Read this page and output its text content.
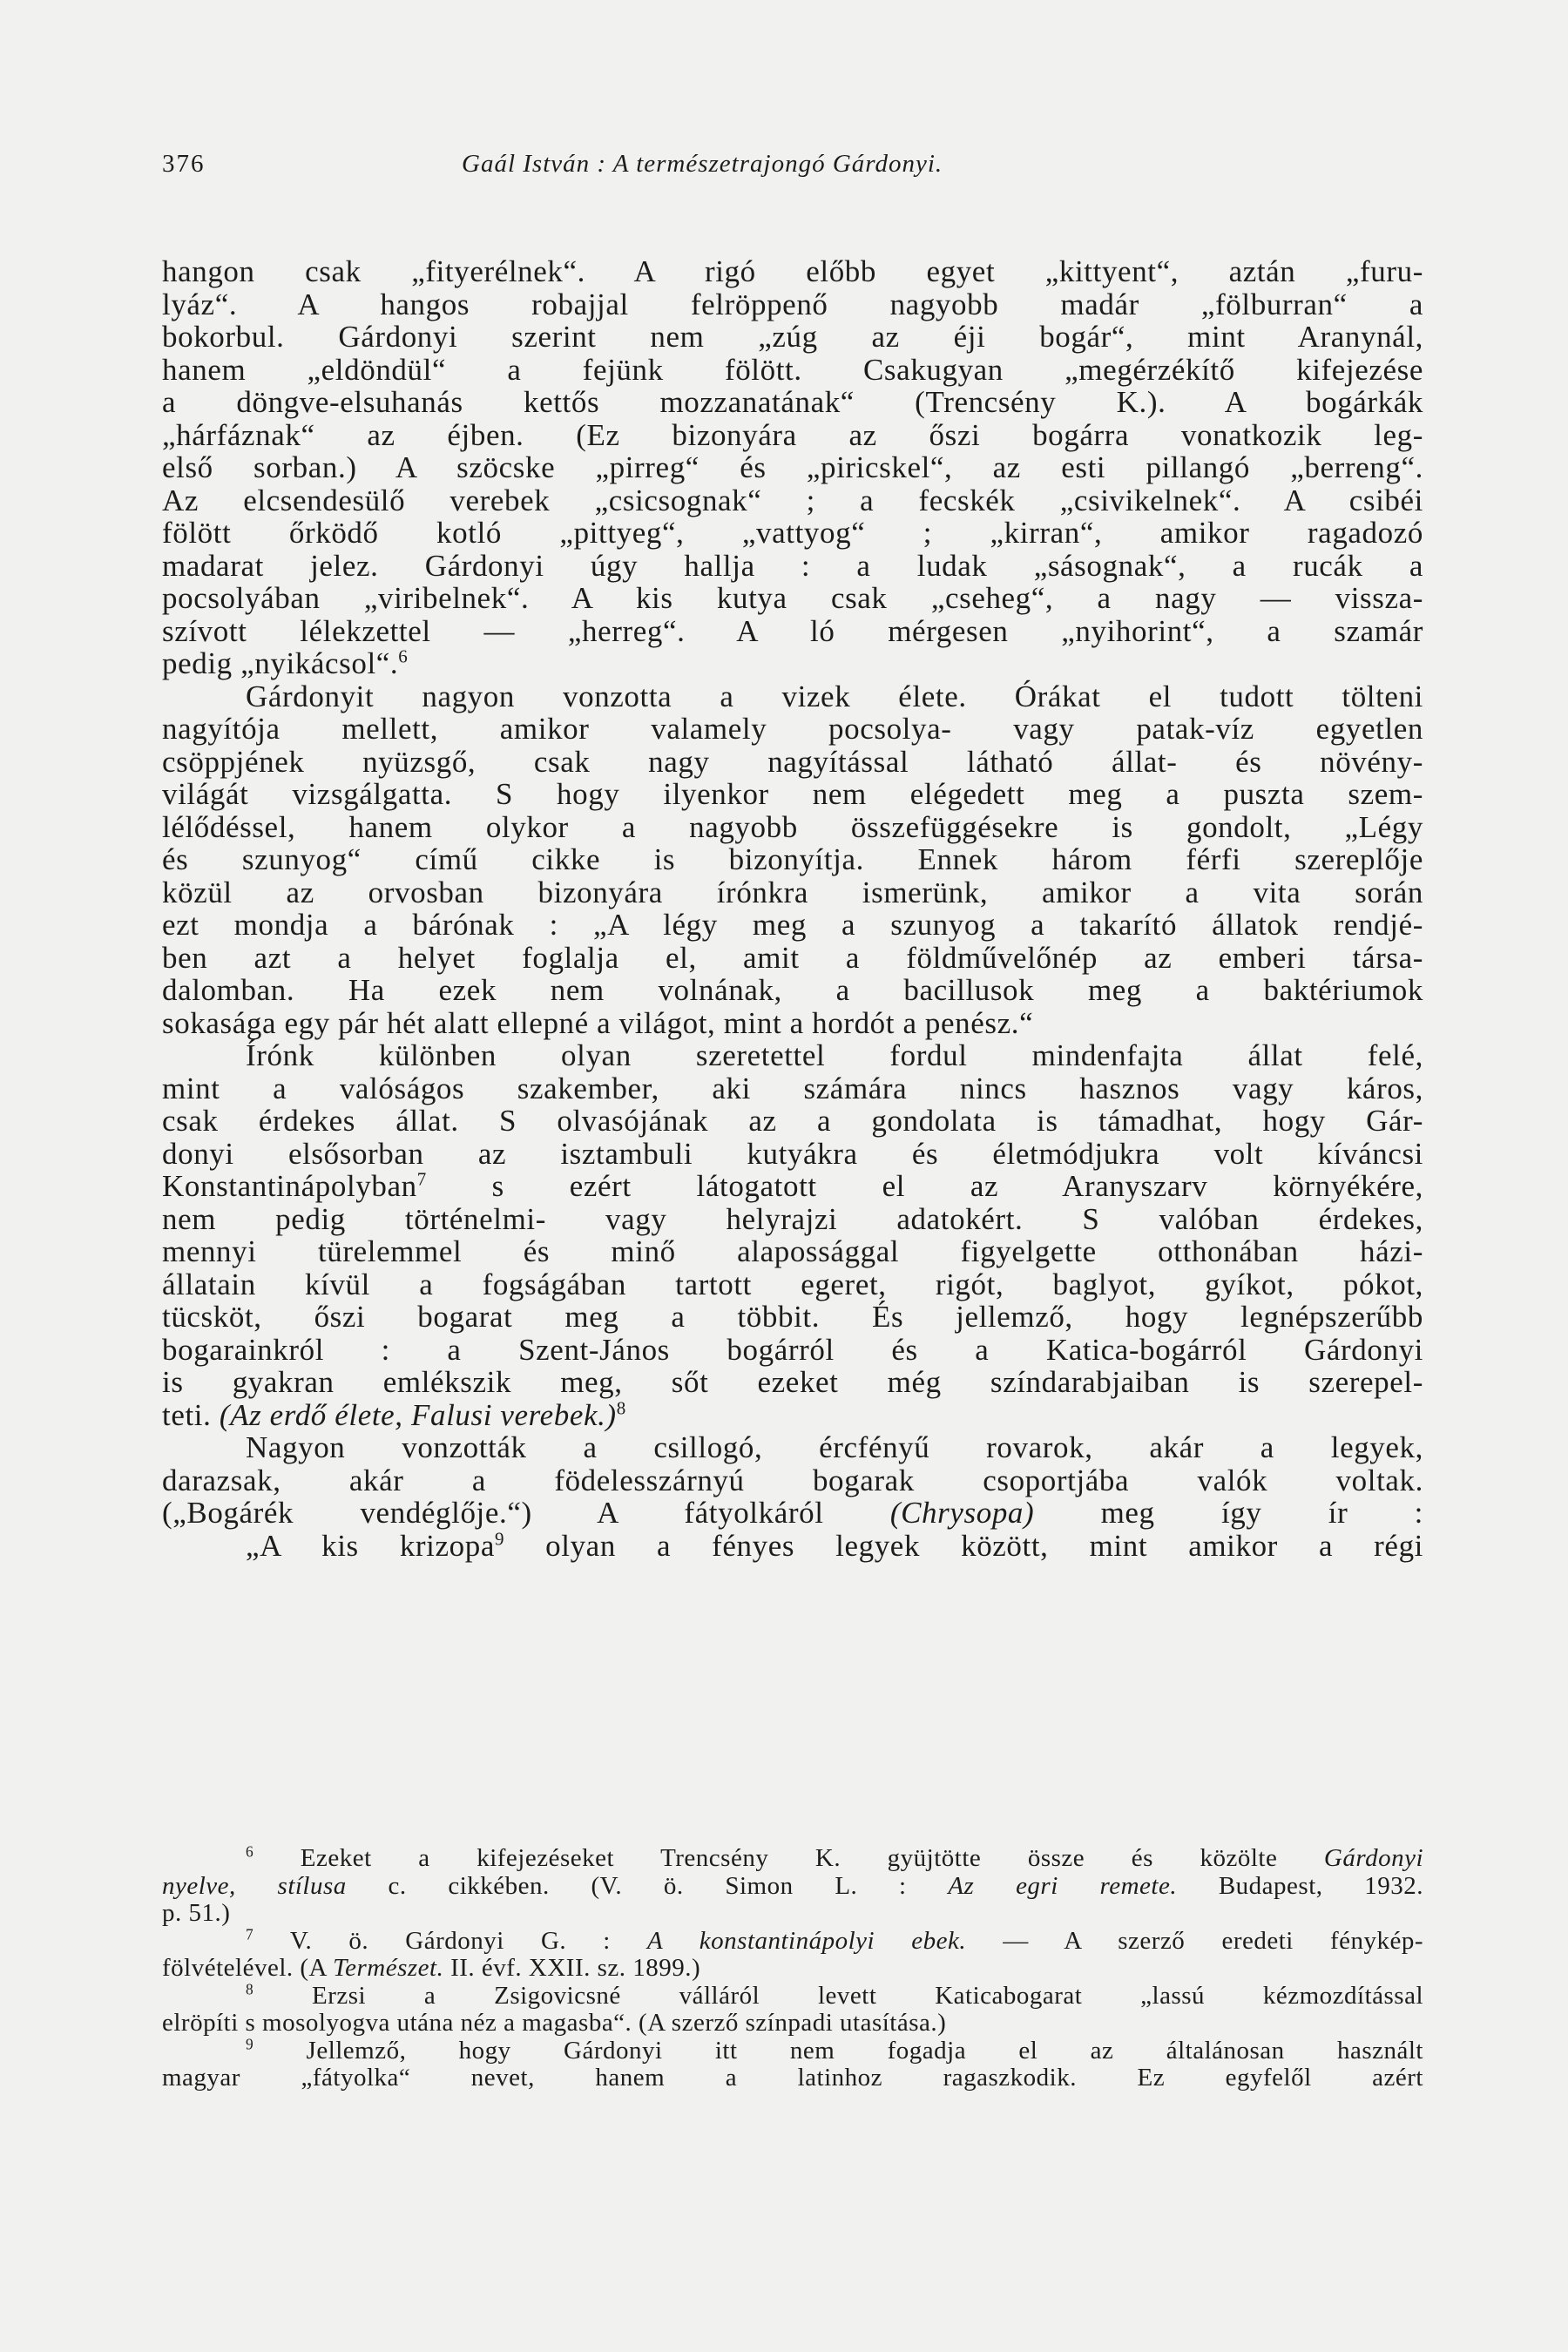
376	Gaál István : A természetrajongó Gárdonyi.
hangon csak „fityerélnek“. A rigó előbb egyet „kittyent“, aztán „furu-
lyáz“. A hangos robajjal felröppenő nagyobb madár „fölburran“ a
bokorbul. Gárdonyi szerint nem „zúg az éji bogár“, mint Aranynál,
hanem „eldöndül“ a fejünk fölött. Csakugyan „megérzékítő kifejezése
a döngve-elsuhanás kettős mozzanatának“ (Trencsény K.). A bogárkák
„hárfáznak“ az éjben. (Ez bizonyára az őszi bogárra vonatkozik leg-
első sorban.) A szöcske „pirreg“ és „piricskel“, az esti pillangó „berreng“.
Az elcsendesülő verebek „csicsognak“ ; a fecskék „csivikelnek“. A csibéi
fölött őrködő kotló „pittyeg“, „vattyog“ ; „kirran“, amikor ragadozó
madarat jelez. Gárdonyi úgy hallja : a ludak „sásognak“, a rucák a
pocsolyában „viribelnek“. A kis kutya csak „cseheg“, a nagy — vissza-
szívott lélekzettel — „herreg“. A ló mérgesen „nyihorint“, a szamár
pedig „nyikácsol“.$^6$
Gárdonyit nagyon vonzotta a vizek élete. Órákat el tudott tölteni
nagyítója mellett, amikor valamely pocsolya- vagy patak-víz egyetlen
csöppjének nyüzsgő, csak nagy nagyítással látható állat- és növény-
világát vizsgálgatta. S hogy ilyenkor nem elégedett meg a puszta szem-
lélődéssel, hanem olykor a nagyobb összefüggésekre is gondolt, „Légy
és szunyog“ című cikke is bizonyítja. Ennek három férfi szereplője
közül az orvosban bizonyára írónkra ismerünk, amikor a vita során
ezt mondja a bárónak : „A légy meg a szunyog a takarító állatok rendjé-
ben azt a helyet foglalja el, amit a földművelőnép az emberi társa-
dalomban. Ha ezek nem volnának, a bacillusok meg a baktériumok
sokasága egy pár hét alatt ellepné a világot, mint a hordót a penész.“
Írónk különben olyan szeretettel fordul mindenfajta állat felé,
mint a valóságos szakember, aki számára nincs hasznos vagy káros,
csak érdekes állat. S olvasójának az a gondolata is támadhat, hogy Gár-
donyi elsősorban az isztambuli kutyákra és életmódjukra volt kíváncsi
Konstantinápolyban$^7$ s ezért látogatott el az Aranyszarv környékére,
nem pedig történelmi- vagy helyrajzi adatokért. S valóban érdekes,
mennyi türelemmel és minő alapossággal figyelgette otthonában házi-
állatain kívül a fogságában tartott egeret, rigót, baglyot, gyíkot, pókot,
tücsköt, őszi bogarat meg a többit. És jellemző, hogy legnépszerűbb
bogarainkról : a Szent-János bogárról és a Katica-bogárról Gárdonyi
is gyakran emlékszik meg, sőt ezeket még színdarabjaiban is szerepel-
teti. (Az erdő élete, Falusi verebek.)$^8$
Nagyon vonzották a csillogó, ércfényű rovarok, akár a legyek,
darazsak, akár a födelesszárnyú bogarak csoportjába valók voltak.
(„Bogárék vendéglője.“) A fátyolkáról (Chrysopa) meg így ír :
„A kis krizopa$^9$ olyan a fényes legyek között, mint amikor a régi
$^6$ Ezeket a kifejezéseket Trencsény K. gyüjtötte össze és közölte Gárdonyi
nyelve, stílusa c. cikkében. (V. ö. Simon L. : Az egri remete. Budapest, 1932.
p. 51.)
$^7$ V. ö. Gárdonyi G. : A konstantinápolyi ebek. — A szerző eredeti fénykép-
fölvételével. (A Természet. II. évf. XXII. sz. 1899.)
$^8$ Erzsi a Zsigovicsné válláról levett Katicabogarat „lassú kézmozdítással
elröpíti s mosolyogva utána néz a magasba“. (A szerző színpadi utasítása.)
$^9$ Jellemző, hogy Gárdonyi itt nem fogadja el az általánosan használt
magyar „fátyolka“ nevet, hanem a latinhoz ragaszkodik. Ez egyfelől azért
